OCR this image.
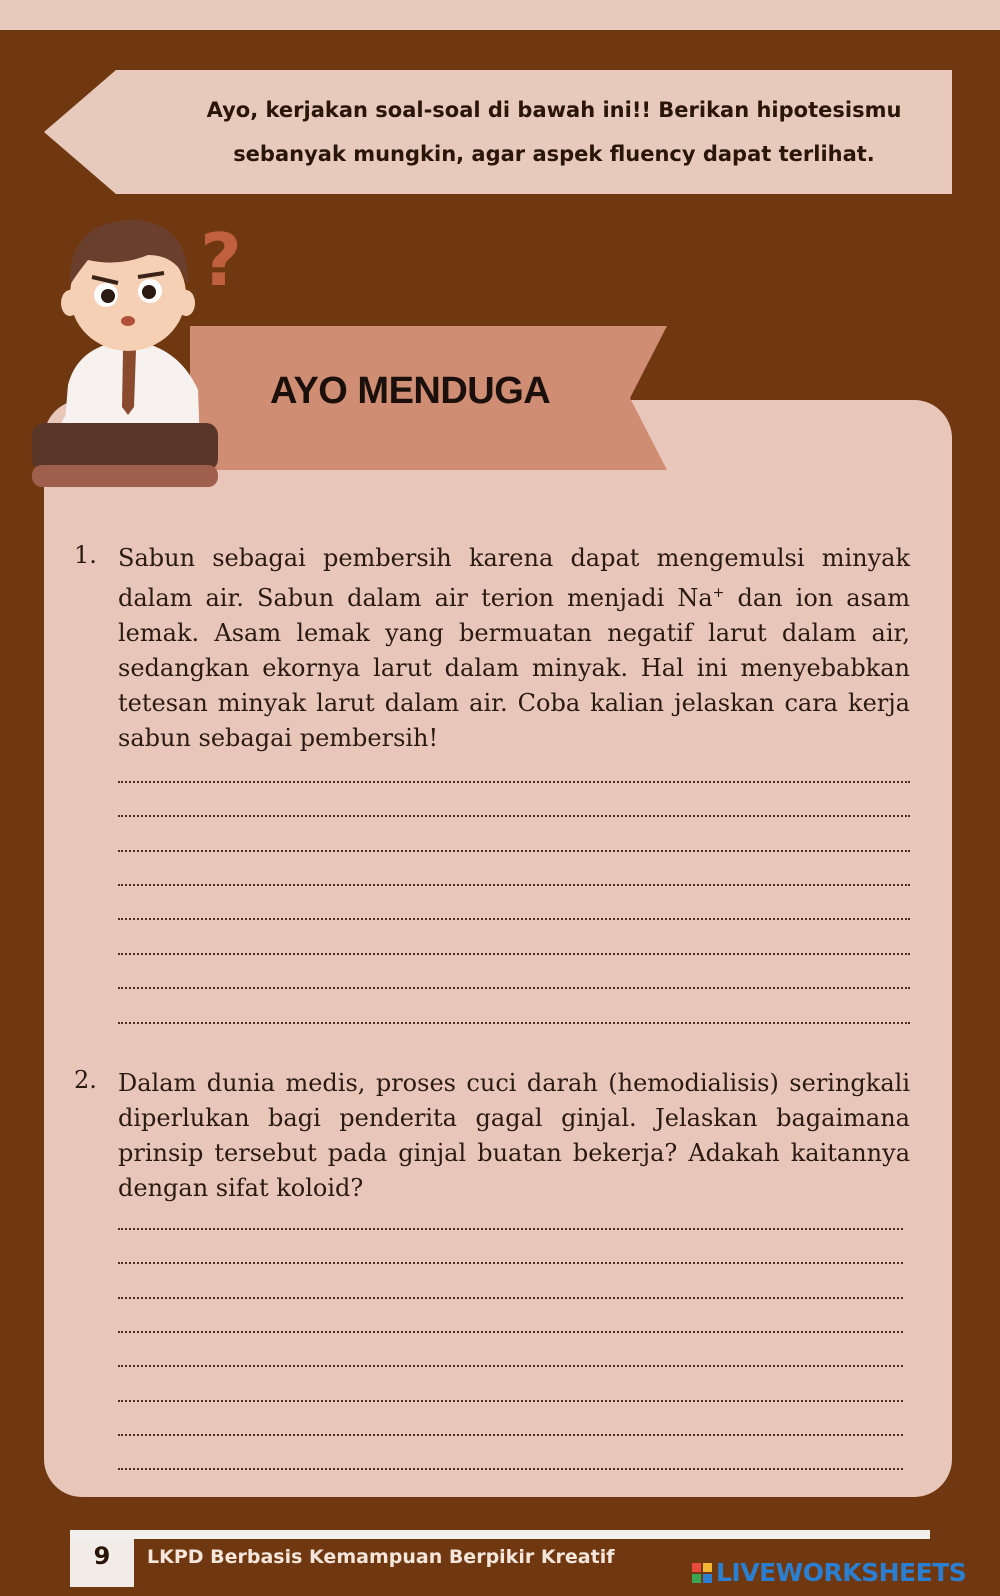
Ayo, kerjakan soal-soal di bawah ini!! Berikan hipotesismu
sebanyak mungkin, agar aspek fluency dapat terlihat.
AYO MENDUGA
?
1. Sabun sebagai pembersih karena dapat mengemulsi minyak dalam air. Sabun dalam air terion menjadi Na+ dan ion asam lemak. Asam lemak yang bermuatan negatif larut dalam air, sedangkan ekornya larut dalam minyak. Hal ini menyebabkan tetesan minyak larut dalam air. Coba kalian jelaskan cara kerja sabun sebagai pembersih!
2. Dalam dunia medis, proses cuci darah (hemodialisis) seringkali diperlukan bagi penderita gagal ginjal. Jelaskan bagaimana prinsip tersebut pada ginjal buatan bekerja? Adakah kaitannya dengan sifat koloid?
9	LKPD Berbasis Kemampuan Berpikir Kreatif
LIVEWORKSHEETS
